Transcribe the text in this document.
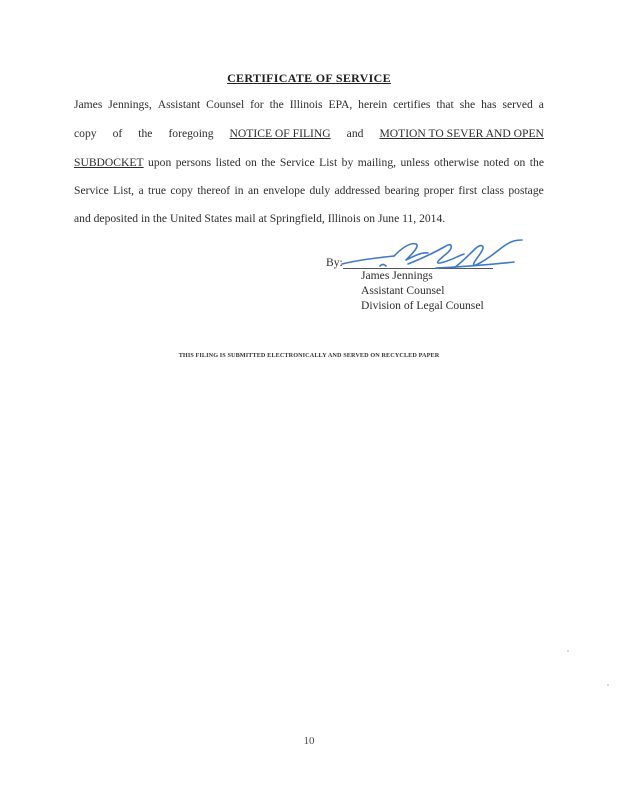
CERTIFICATE OF SERVICE
James Jennings, Assistant Counsel for the Illinois EPA, herein certifies that she has served a
copy of the foregoing NOTICE OF FILING and MOTION TO SEVER AND OPEN
SUBDOCKET upon persons listed on the Service List by mailing, unless otherwise noted on the
Service List, a true copy thereof in an envelope duly addressed bearing proper first class postage
and deposited in the United States mail at Springfield, Illinois on June 11, 2014.
By:
James Jennings
Assistant Counsel
Division of Legal Counsel
THIS FILING IS SUBMITTED ELECTRONICALLY AND SERVED ON RECYCLED PAPER
10
